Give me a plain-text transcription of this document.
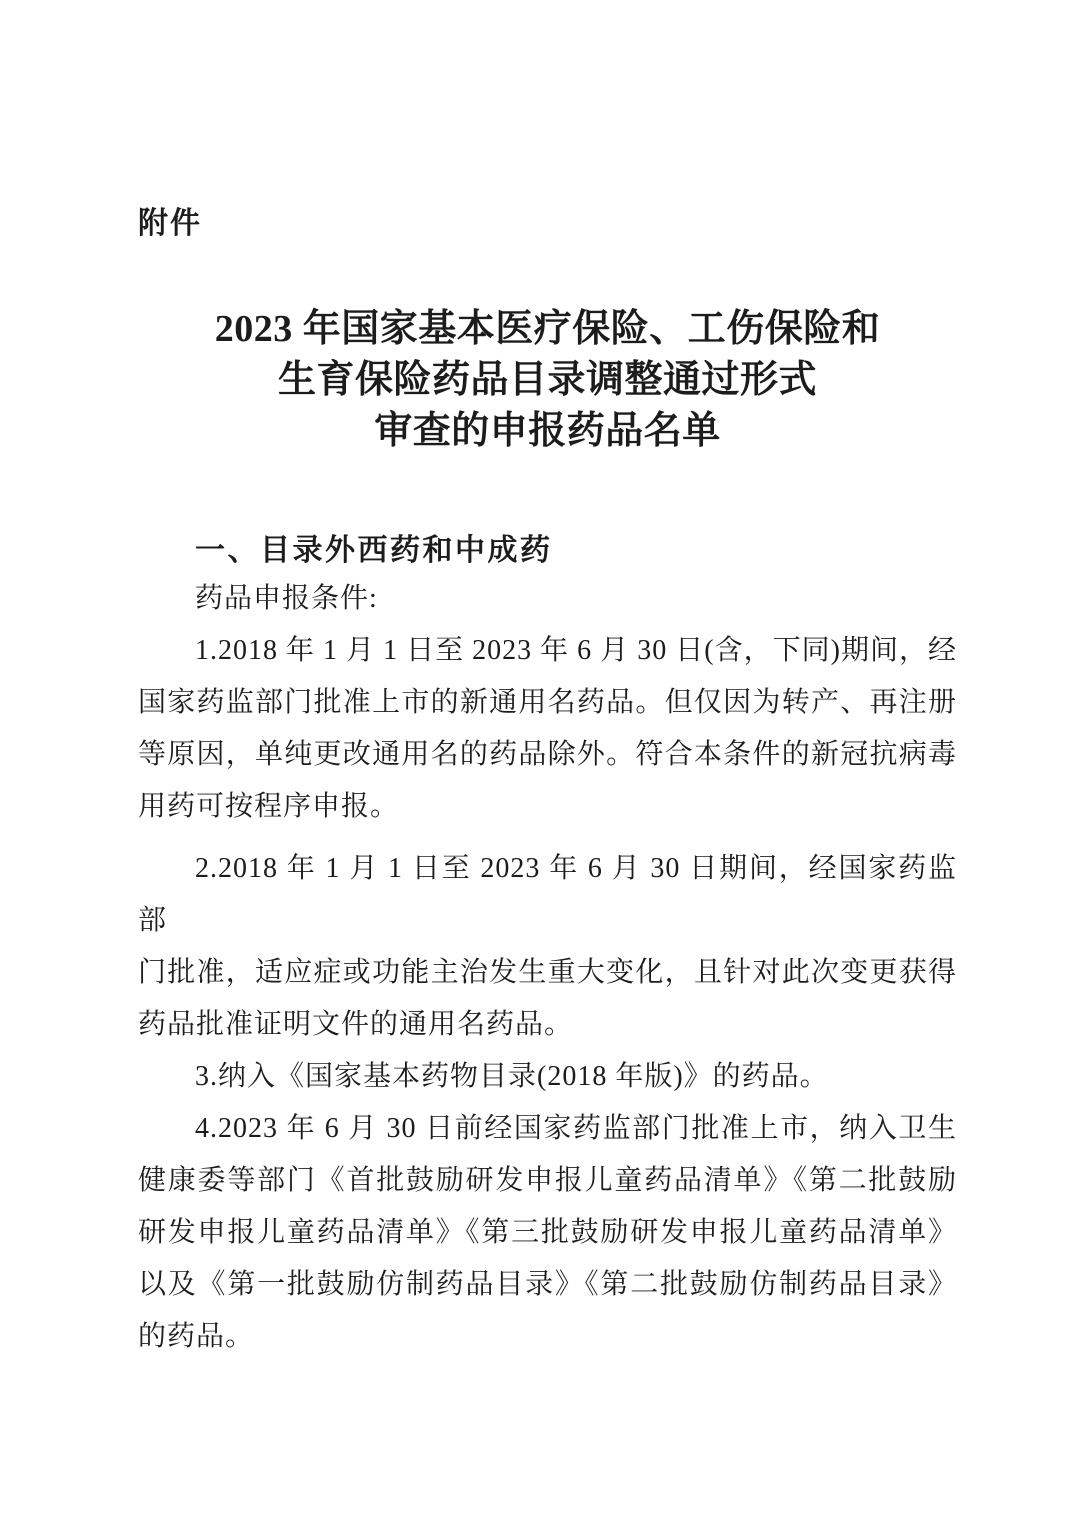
附件
2023 年国家基本医疗保险、工伤保险和
生育保险药品目录调整通过形式
审查的申报药品名单
一、目录外西药和中成药
药品申报条件:
1.2018 年 1 月 1 日至 2023 年 6 月 30 日(含，下同)期间，经
国家药监部门批准上市的新通用名药品。但仅因为转产、再注册
等原因，单纯更改通用名的药品除外。符合本条件的新冠抗病毒
用药可按程序申报。
2.2018 年 1 月 1 日至 2023 年 6 月 30 日期间，经国家药监部
门批准，适应症或功能主治发生重大变化，且针对此次变更获得
药品批准证明文件的通用名药品。
3.纳入《国家基本药物目录(2018 年版)》的药品。
4.2023 年 6 月 30 日前经国家药监部门批准上市，纳入卫生
健康委等部门《首批鼓励研发申报儿童药品清单》《第二批鼓励
研发申报儿童药品清单》《第三批鼓励研发申报儿童药品清单》
以及《第一批鼓励仿制药品目录》《第二批鼓励仿制药品目录》
的药品。
